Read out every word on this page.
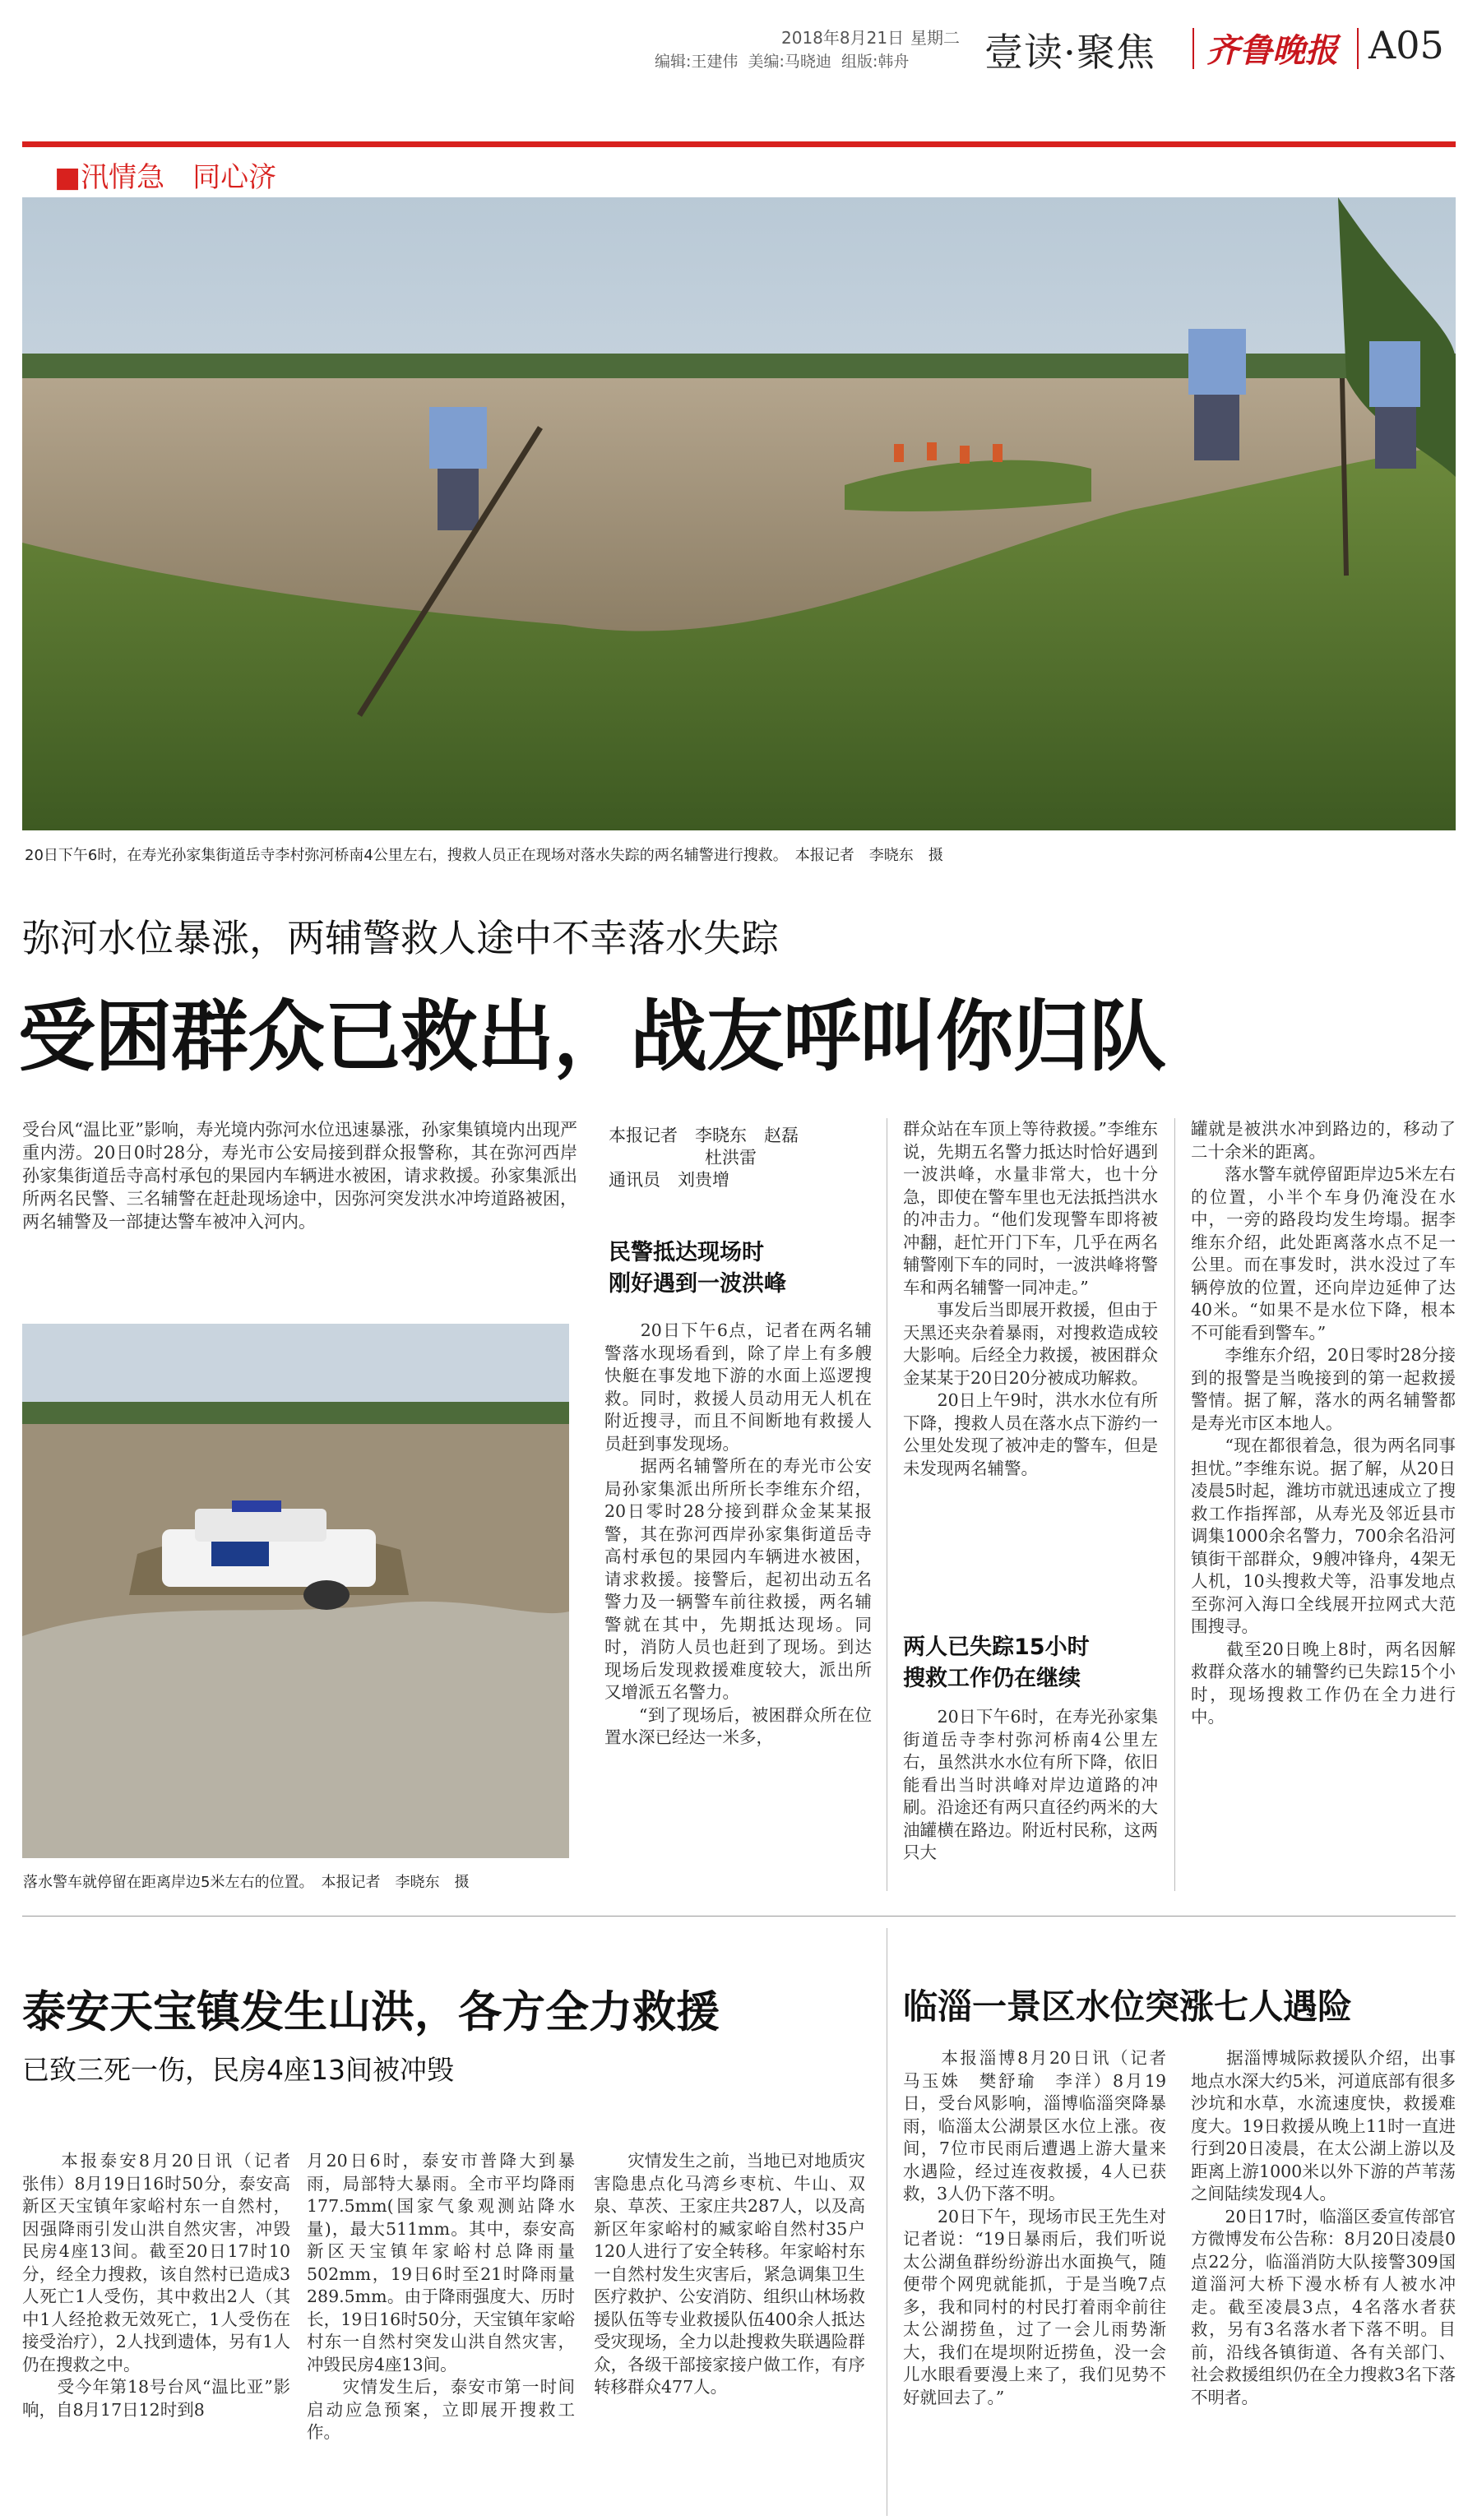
2018年8月21日 星期二
编辑:王建伟  美编:马晓迪  组版:韩舟 壹读·聚焦 齐鲁晚报 A05
■汛情急　同心济
20日下午6时，在寿光孙家集街道岳寺李村弥河桥南4公里左右，搜救人员正在现场对落水失踪的两名辅警进行搜救。　本报记者　李晓东　摄
弥河水位暴涨，两辅警救人途中不幸落水失踪
受困群众已救出，战友呼叫你归队
受台风“温比亚”影响，寿光境内弥河水位迅速暴涨，孙家集镇境内出现严重内涝。20日0时28分，寿光市公安局接到群众报警称，其在弥河西岸孙家集街道岳寺高村承包的果园内车辆进水被困，请求救援。孙家集派出所两名民警、三名辅警在赶赴现场途中，因弥河突发洪水冲垮道路被困，两名辅警及一部捷达警车被冲入河内。
落水警车就停留在距离岸边5米左右的位置。　本报记者　李晓东　摄
本报记者　李晓东　赵磊
杜洪雷
通讯员　刘贵增
民警抵达现场时
刚好遇到一波洪峰
　　20日下午6点，记者在两名辅警落水现场看到，除了岸上有多艘快艇在事发地下游的水面上巡逻搜救。同时，救援人员动用无人机在附近搜寻，而且不间断地有救援人员赶到事发现场。
　　据两名辅警所在的寿光市公安局孙家集派出所所长李维东介绍，20日零时28分接到群众金某某报警，其在弥河西岸孙家集街道岳寺高村承包的果园内车辆进水被困，请求救援。接警后，起初出动五名警力及一辆警车前往救援，两名辅警就在其中，先期抵达现场。同时，消防人员也赶到了现场。到达现场后发现救援难度较大，派出所又增派五名警力。
　　“到了现场后，被困群众所在位置水深已经达一米多，
群众站在车顶上等待救援。”李维东说，先期五名警力抵达时恰好遇到一波洪峰，水量非常大，也十分急，即使在警车里也无法抵挡洪水的冲击力。“他们发现警车即将被冲翻，赶忙开门下车，几乎在两名辅警刚下车的同时，一波洪峰将警车和两名辅警一同冲走。”
　　事发后当即展开救援，但由于天黑还夹杂着暴雨，对搜救造成较大影响。后经全力救援，被困群众金某某于20日20分被成功解救。
　　20日上午9时，洪水水位有所下降，搜救人员在落水点下游约一公里处发现了被冲走的警车，但是未发现两名辅警。
两人已失踪15小时
搜救工作仍在继续
　　20日下午6时，在寿光孙家集街道岳寺李村弥河桥南4公里左右，虽然洪水水位有所下降，依旧能看出当时洪峰对岸边道路的冲刷。沿途还有两只直径约两米的大油罐横在路边。附近村民称，这两只大
罐就是被洪水冲到路边的，移动了二十余米的距离。
　　落水警车就停留距岸边5米左右的位置，小半个车身仍淹没在水中，一旁的路段均发生垮塌。据李维东介绍，此处距离落水点不足一公里。而在事发时，洪水没过了车辆停放的位置，还向岸边延伸了达40米。“如果不是水位下降，根本不可能看到警车。”
　　李维东介绍，20日零时28分接到的报警是当晚接到的第一起救援警情。据了解，落水的两名辅警都是寿光市区本地人。
　　“现在都很着急，很为两名同事担忧。”李维东说。据了解，从20日凌晨5时起，潍坊市就迅速成立了搜救工作指挥部，从寿光及邻近县市调集1000余名警力，700余名沿河镇街干部群众，9艘冲锋舟，4架无人机，10头搜救犬等，沿事发地点至弥河入海口全线展开拉网式大范围搜寻。
　　截至20日晚上8时，两名因解救群众落水的辅警约已失踪15个小时，现场搜救工作仍在全力进行中。
泰安天宝镇发生山洪，各方全力救援
已致三死一伤，民房4座13间被冲毁
　　本报泰安8月20日讯（记者　张伟）8月19日16时50分，泰安高新区天宝镇年家峪村东一自然村，因强降雨引发山洪自然灾害，冲毁民房4座13间。截至20日17时10分，经全力搜救，该自然村已造成3人死亡1人受伤，其中救出2人（其中1人经抢救无效死亡，1人受伤在接受治疗），2人找到遗体，另有1人仍在搜救之中。
　　受今年第18号台风“温比亚”影响，自8月17日12时到8
月20日6时，泰安市普降大到暴雨，局部特大暴雨。全市平均降雨177.5mm(国家气象观测站降水量)，最大511mm。其中，泰安高新区天宝镇年家峪村总降雨量502mm，19日6时至21时降雨量289.5mm。由于降雨强度大、历时长，19日16时50分，天宝镇年家峪村东一自然村突发山洪自然灾害，冲毁民房4座13间。
　　灾情发生后，泰安市第一时间启动应急预案，立即展开搜救工作。
　　灾情发生之前，当地已对地质灾害隐患点化马湾乡枣杭、牛山、双泉、草茨、王家庄共287人，以及高新区年家峪村的臧家峪自然村35户120人进行了安全转移。年家峪村东一自然村发生灾害后，紧急调集卫生医疗救护、公安消防、组织山林场救援队伍等专业救援队伍400余人抵达受灾现场，全力以赴搜救失联遇险群众，各级干部接家接户做工作，有序转移群众477人。
临淄一景区水位突涨七人遇险
　　本报淄博8月20日讯（记者　马玉姝　樊舒瑜　李洋）8月19日，受台风影响，淄博临淄突降暴雨，临淄太公湖景区水位上涨。夜间，7位市民雨后遭遇上游大量来水遇险，经过连夜救援，4人已获救，3人仍下落不明。
　　20日下午，现场市民王先生对记者说：“19日暴雨后，我们听说太公湖鱼群纷纷游出水面换气，随便带个网兜就能抓，于是当晚7点多，我和同村的村民打着雨伞前往太公湖捞鱼，过了一会儿雨势渐大，我们在堤坝附近捞鱼，没一会儿水眼看要漫上来了，我们见势不好就回去了。”
　　据淄博城际救援队介绍，出事地点水深大约5米，河道底部有很多沙坑和水草，水流速度快，救援难度大。19日救援从晚上11时一直进行到20日凌晨，在太公湖上游以及距离上游1000米以外下游的芦苇荡之间陆续发现4人。
　　20日17时，临淄区委宣传部官方微博发布公告称：8月20日凌晨0点22分，临淄消防大队接警309国道淄河大桥下漫水桥有人被水冲走。截至凌晨3点，4名落水者获救，另有3名落水者下落不明。目前，沿线各镇街道、各有关部门、社会救援组织仍在全力搜救3名下落不明者。
